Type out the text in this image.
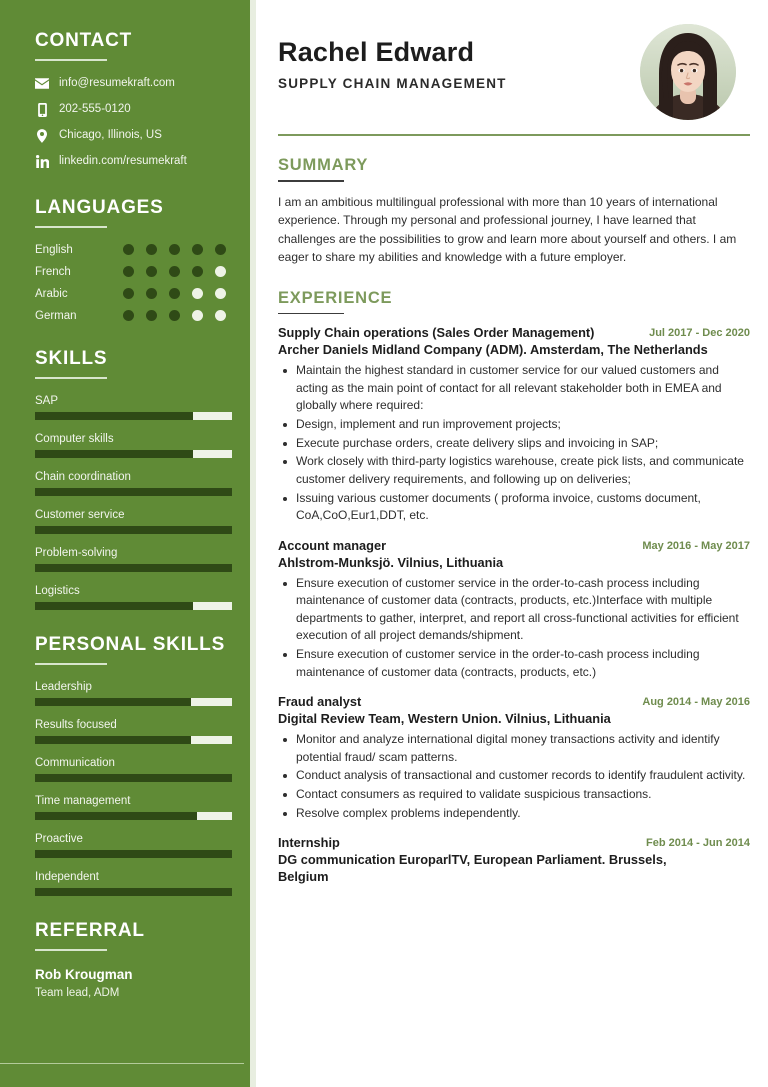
CONTACT
info@resumekraft.com
202-555-0120
Chicago, Illinois, US
linkedin.com/resumekraft
LANGUAGES
English
French
Arabic
German
SKILLS
SAP
Computer skills
Chain coordination
Customer service
Problem-solving
Logistics
PERSONAL SKILLS
Leadership
Results focused
Communication
Time management
Proactive
Independent
REFERRAL
Rob Krougman
Team lead, ADM
Rachel Edward
SUPPLY CHAIN MANAGEMENT
SUMMARY

I am an ambitious multilingual professional with more than 10 years of international experience. Through my personal and professional journey, I have learned that challenges are the possibilities to grow and learn more about yourself and others. I am eager to share my abilities and knowledge with a future employer.

EXPERIENCE
Supply Chain operations (Sales Order Management)	Jul 2017 - Dec 2020
Archer Daniels Midland Company (ADM). Amsterdam, The Netherlands
Maintain the highest standard in customer service for our valued customers and acting as the main point of contact for all relevant stakeholder both in EMEA and globally where required:
Design, implement and run improvement projects;
Execute purchase orders, create delivery slips and invoicing in SAP;
Work closely with third-party logistics warehouse, create pick lists, and communicate customer delivery requirements, and following up on deliveries;
Issuing various customer documents ( proforma invoice, customs document, CoA,CoO,Eur1,DDT, etc.
Account manager	May 2016 - May 2017
Ahlstrom-Munksjö. Vilnius, Lithuania
Ensure execution of customer service in the order-to-cash process including maintenance of customer data (contracts, products, etc.)Interface with multiple departments to gather, interpret, and report all cross-functional activities for efficient execution of all project demands/shipment.
Ensure execution of customer service in the order-to-cash process including maintenance of customer data (contracts, products, etc.)
Fraud analyst	Aug 2014 - May 2016
Digital Review Team, Western Union. Vilnius, Lithuania
Monitor and analyze international digital money transactions activity and identify potential fraud/ scam patterns.
Conduct analysis of transactional and customer records to identify fraudulent activity.
Contact consumers as required to validate suspicious transactions.
Resolve complex problems independently.
Internship	Feb 2014 - Jun 2014
DG communication EuroparlTV, European Parliament. Brussels, Belgium
